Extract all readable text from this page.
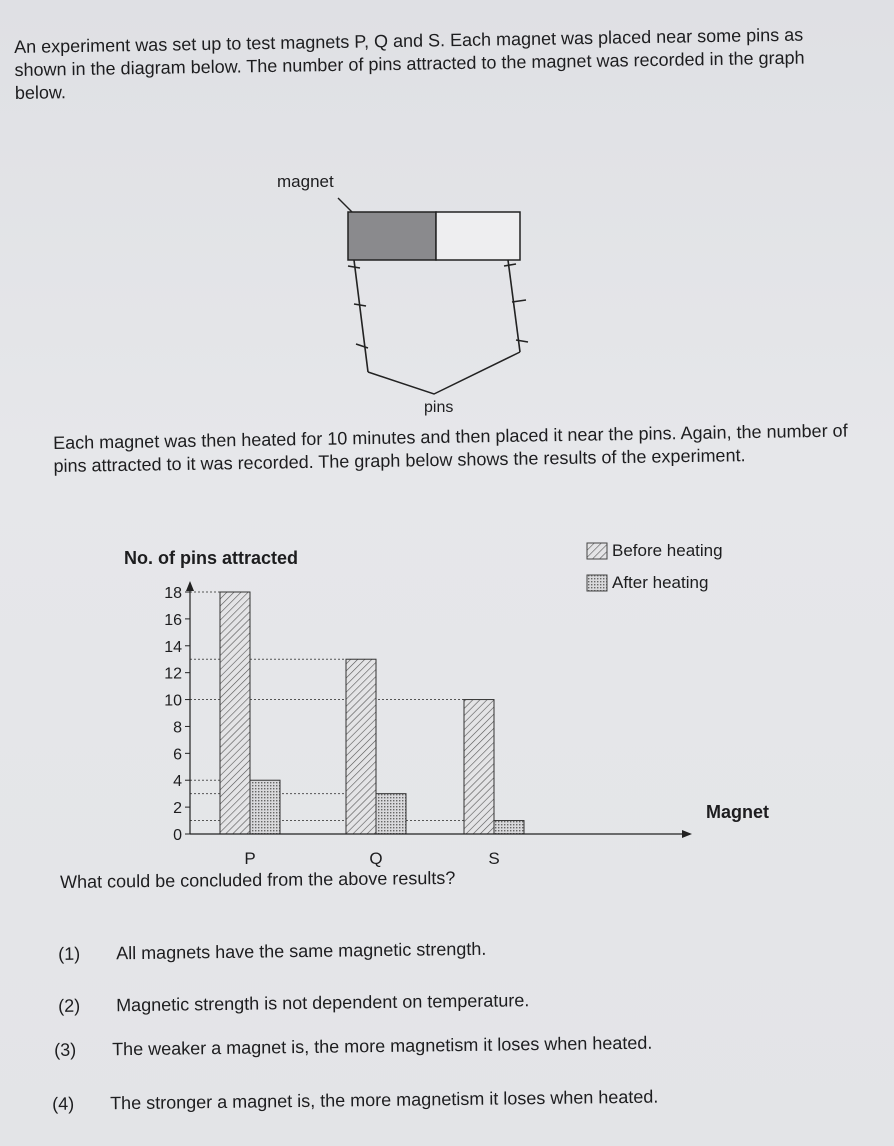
An experiment was set up to test magnets P, Q and S. Each magnet was placed near some pins as shown in the diagram below. The number of pins attracted to the magnet was recorded in the graph below.
magnet
pins
Each magnet was then heated for 10 minutes and then placed it near the pins. Again, the number of pins attracted to it was recorded. The graph below shows the results of the experiment.
No. of pins attracted
0
2
4
6
8
10
12
14
16
18
P	Q	S
Magnet
Before heating
After heating
What could be concluded from the above results?
(1) All magnets have the same magnetic strength.
(2) Magnetic strength is not dependent on temperature.
(3) The weaker a magnet is, the more magnetism it loses when heated.
(4) The stronger a magnet is, the more magnetism it loses when heated.
